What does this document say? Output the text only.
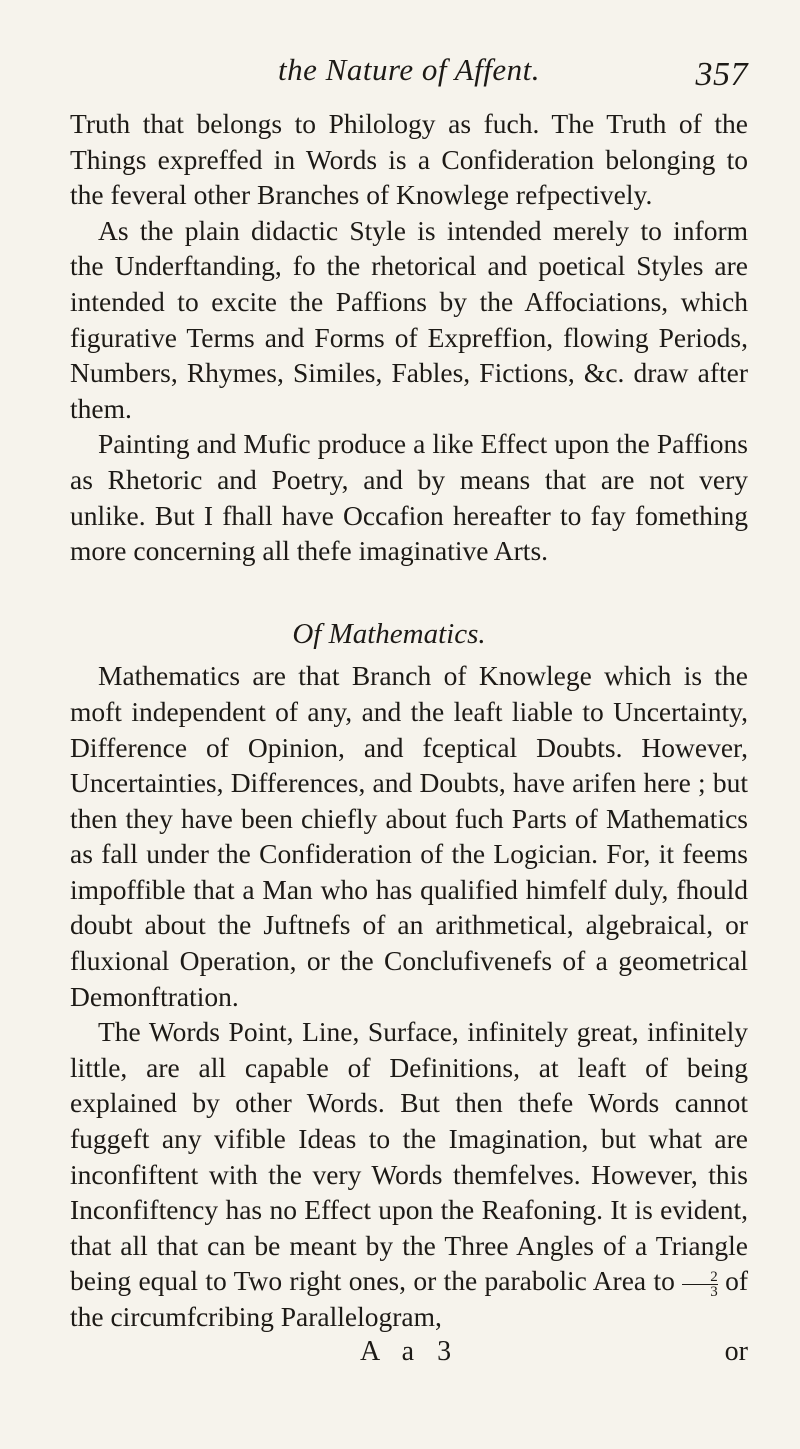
the Nature of Affent.	357

Truth that belongs to Philology as fuch. The Truth of the Things expreffed in Words is a Confideration belonging to the feveral other Branches of Knowlege refpectively.

As the plain didactic Style is intended merely to inform the Underftanding, fo the rhetorical and poetical Styles are intended to excite the Paffions by the Affociations, which figurative Terms and Forms of Expreffion, flowing Periods, Numbers, Rhymes, Similes, Fables, Fictions, &c. draw after them.

Painting and Mufic produce a like Effect upon the Paffions as Rhetoric and Poetry, and by means that are not very unlike. But I fhall have Occafion hereafter to fay fomething more concerning all thefe imaginative Arts.

Of Mathematics.

Mathematics are that Branch of Knowlege which is the moft independent of any, and the leaft liable to Uncertainty, Difference of Opinion, and fceptical Doubts. However, Uncertainties, Differences, and Doubts, have arifen here ; but then they have been chiefly about fuch Parts of Mathematics as fall under the Confideration of the Logician. For, it feems impoffible that a Man who has qualified himfelf duly, fhould doubt about the Juftnefs of an arithmetical, algebraical, or fluxional Operation, or the Conclufivenefs of a geometrical Demonftration.

The Words Point, Line, Surface, infinitely great, infinitely little, are all capable of Definitions, at leaft of being explained by other Words. But then thefe Words cannot fuggeft any vifible Ideas to the Imagination, but what are inconfiftent with the very Words themfelves. However, this Inconfiftency has no Effect upon the Reafoning. It is evident, that all that can be meant by the Three Angles of a Triangle being equal to Two right ones, or the parabolic Area to $\frac{2}{3}$ of the circumfcribing Parallelogram,

A a 3	or
